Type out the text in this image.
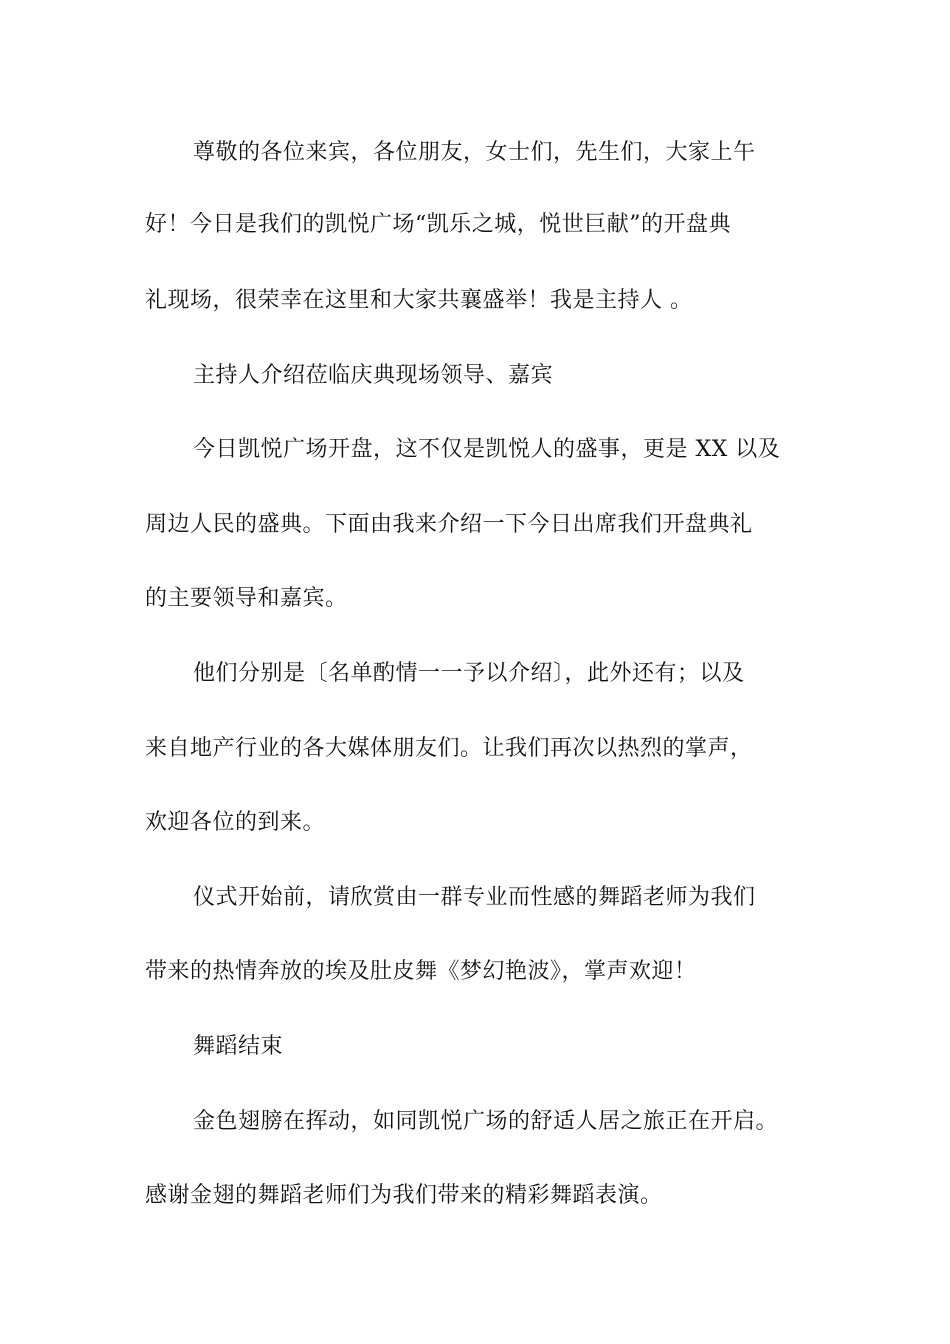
尊敬的各位来宾，各位朋友，女士们，先生们，大家上午

好！今日是我们的凯悦广场“凯乐之城，悦世巨献”的开盘典

礼现场，很荣幸在这里和大家共襄盛举！我是主持人 。

主持人介绍莅临庆典现场领导、嘉宾

今日凯悦广场开盘，这不仅是凯悦人的盛事，更是 XX 以及

周边人民的盛典。下面由我来介绍一下今日出席我们开盘典礼

的主要领导和嘉宾。

他们分别是〔名单酌情一一予以介绍〕，此外还有；以及

来自地产行业的各大媒体朋友们。让我们再次以热烈的掌声，

欢迎各位的到来。

仪式开始前，请欣赏由一群专业而性感的舞蹈老师为我们

带来的热情奔放的埃及肚皮舞《梦幻艳波》，掌声欢迎！

舞蹈结束

金色翅膀在挥动，如同凯悦广场的舒适人居之旅正在开启。

感谢金翅的舞蹈老师们为我们带来的精彩舞蹈表演。
